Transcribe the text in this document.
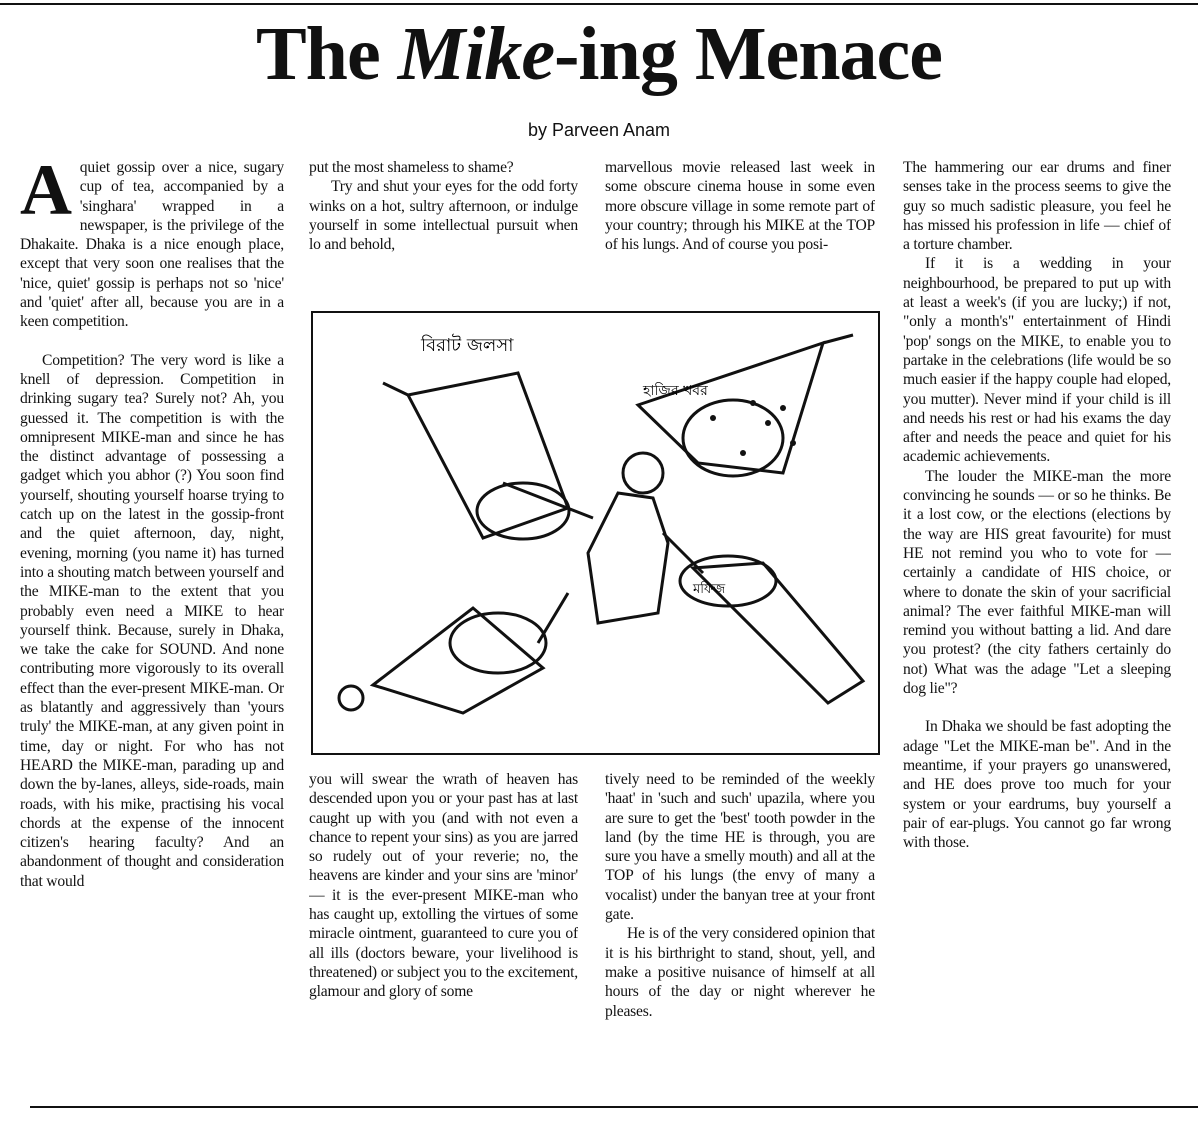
The Mike-ing Menace

by Parveen Anam

Aquiet gossip over a nice, sugary cup of tea, accompanied by a 'singhara' wrapped in a newspaper, is the privilege of the Dhakaite. Dhaka is a nice enough place, except that very soon one realises that the 'nice, quiet' gossip is perhaps not so 'nice' and 'quiet' after all, because you are in a keen competition.

Competition? The very word is like a knell of depression. Competition in drinking sugary tea? Surely not? Ah, you guessed it. The competition is with the omnipresent MIKE-man and since he has the distinct advantage of possessing a gadget which you abhor (?) You soon find yourself, shouting yourself hoarse trying to catch up on the latest in the gossip-front and the quiet afternoon, day, night, evening, morning (you name it) has turned into a shouting match between yourself and the MIKE-man to the extent that you probably even need a MIKE to hear yourself think. Because, surely in Dhaka, we take the cake for SOUND. And none contributing more vigorously to its overall effect than the ever-present MIKE-man. Or as blatantly and aggressively than 'yours truly' the MIKE-man, at any given point in time, day or night. For who has not HEARD the MIKE-man, parading up and down the by-lanes, alleys, side-roads, main roads, with his mike, practising his vocal chords at the expense of the innocent citizen's hearing faculty? And an abandonment of thought and consideration that would

put the most shameless to shame?

Try and shut your eyes for the odd forty winks on a hot, sultry afternoon, or indulge yourself in some intellectual pursuit when lo and behold,

marvellous movie released last week in some obscure cinema house in some even more obscure village in some remote part of your country; through his MIKE at the TOP of his lungs. And of course you posi-

বিরাট জলসা
হাজির খবর
মফিজ

you will swear the wrath of heaven has descended upon you or your past has at last caught up with you (and with not even a chance to repent your sins) as you are jarred so rudely out of your reverie; no, the heavens are kinder and your sins are 'minor' — it is the ever-present MIKE-man who has caught up, extolling the virtues of some miracle ointment, guaranteed to cure you of all ills (doctors beware, your livelihood is threatened) or subject you to the excitement, glamour and glory of some

tively need to be reminded of the weekly 'haat' in 'such and such' upazila, where you are sure to get the 'best' tooth powder in the land (by the time HE is through, you are sure you have a smelly mouth) and all at the TOP of his lungs (the envy of many a vocalist) under the banyan tree at your front gate.

He is of the very considered opinion that it is his birthright to stand, shout, yell, and make a positive nuisance of himself at all hours of the day or night wherever he pleases.

The hammering our ear drums and finer senses take in the process seems to give the guy so much sadistic pleasure, you feel he has missed his profession in life — chief of a torture chamber.

If it is a wedding in your neighbourhood, be prepared to put up with at least a week's (if you are lucky;) if not, "only a month's" entertainment of Hindi 'pop' songs on the MIKE, to enable you to partake in the celebrations (life would be so much easier if the happy couple had eloped, you mutter). Never mind if your child is ill and needs his rest or had his exams the day after and needs the peace and quiet for his academic achievements.

The louder the MIKE-man the more convincing he sounds — or so he thinks. Be it a lost cow, or the elections (elections by the way are HIS great favourite) for must HE not remind you who to vote for —certainly a candidate of HIS choice, or where to donate the skin of your sacrificial animal? The ever faithful MIKE-man will remind you without batting a lid. And dare you protest? (the city fathers certainly do not) What was the adage "Let a sleeping dog lie"?

In Dhaka we should be fast adopting the adage "Let the MIKE-man be". And in the meantime, if your prayers go unanswered, and HE does prove too much for your system or your eardrums, buy yourself a pair of ear-plugs. You cannot go far wrong with those.
